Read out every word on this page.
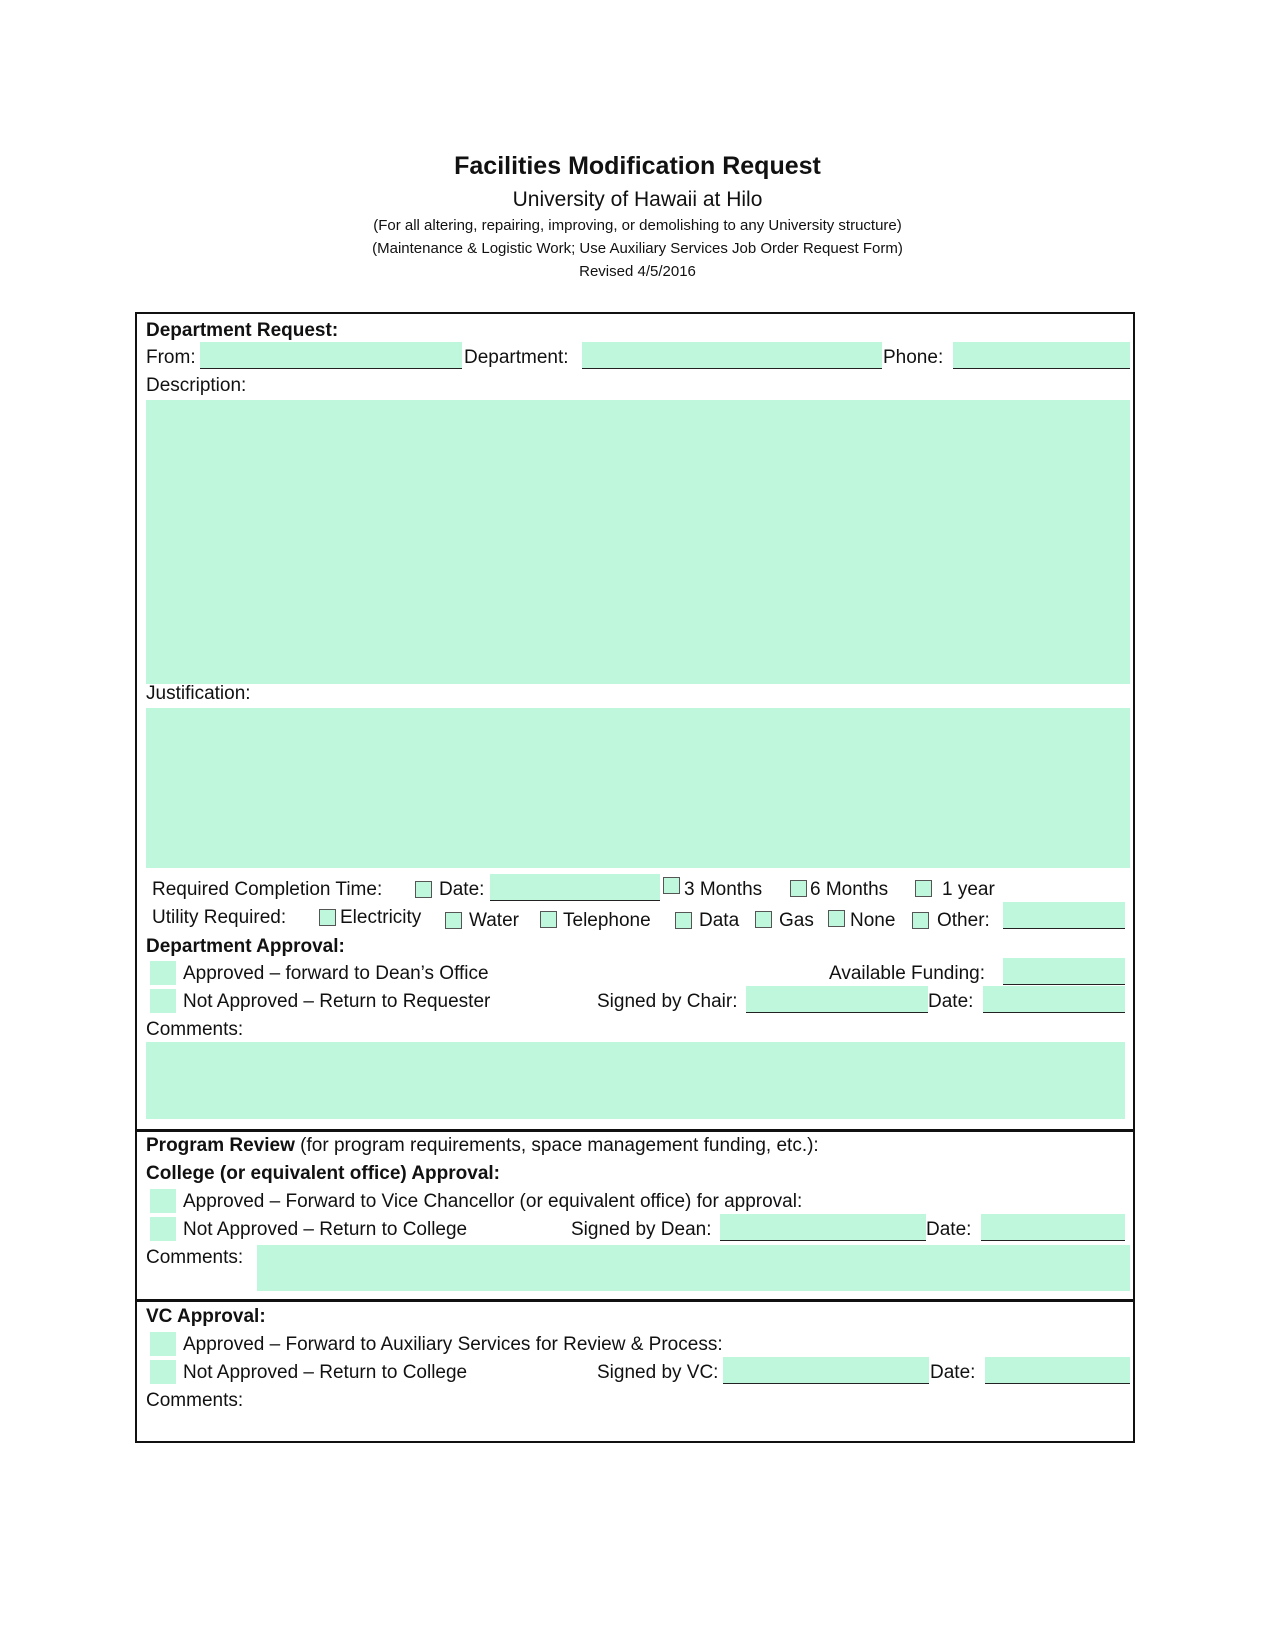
Facilities Modification Request
University of Hawaii at Hilo
(For all altering, repairing, improving, or demolishing to any University structure)
(Maintenance & Logistic Work; Use Auxiliary Services Job Order Request Form)
Revised 4/5/2016
Department Request:
From:	Department:	Phone:
Description:
Justification:
Required Completion Time:	Date:	3 Months	6 Months	1 year
Utility Required:	Electricity	Water Telephone	Data Gas None Other:
Department Approval:
Approved – forward to Dean’s Office	Available Funding:
Not Approved – Return to Requester	Signed by Chair:	Date:
Comments:
Program Review (for program requirements, space management funding, etc.):
College (or equivalent office) Approval:
Approved – Forward to Vice Chancellor (or equivalent office) for approval:
Not Approved – Return to College	Signed by Dean:	Date:
Comments:
VC Approval:
Approved – Forward to Auxiliary Services for Review & Process:
Not Approved – Return to College	Signed by VC:	Date:
Comments:
